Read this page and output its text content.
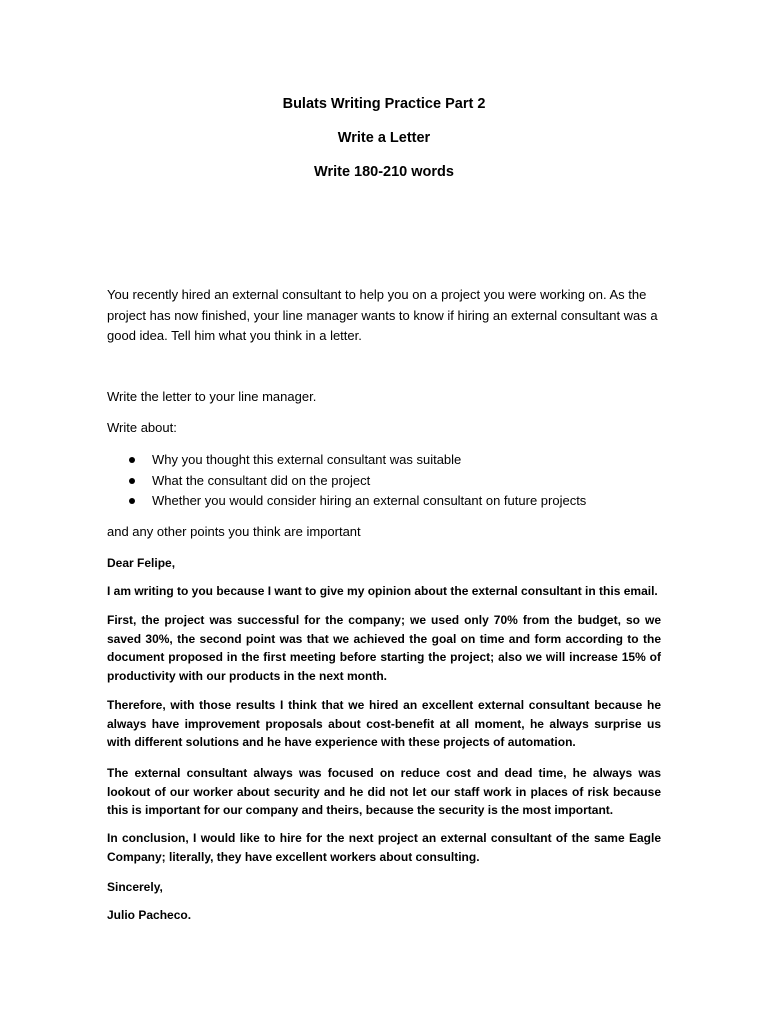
Bulats Writing Practice Part 2
Write a Letter
Write 180-210 words
You recently hired an external consultant to help you on a project you were working on. As the project has now finished, your line manager wants to know if hiring an external consultant was a good idea. Tell him what you think in a letter.
Write the letter to your line manager.
Write about:
Why you thought this external consultant was suitable
What the consultant did on the project
Whether you would consider hiring an external consultant on future projects
and any other points you think are important
Dear Felipe,
I am writing to you because I want to give my opinion about the external consultant in this email.
First, the project was successful for the company; we used only 70% from the budget, so we saved 30%, the second point was that we achieved the goal on time and form according to the document proposed in the first meeting before starting the project; also we will increase 15% of productivity with our products in the next month.
Therefore, with those results I think that we hired an excellent external consultant because he always have improvement proposals about cost-benefit at all moment, he always surprise us with different solutions and he have experience with these projects of automation.
The external consultant always was focused on reduce cost and dead time, he always was lookout of our worker about security and he did not let our staff work in places of risk because this is important for our company and theirs, because the security is the most important.
In conclusion, I would like to hire for the next project an external consultant of the same Eagle Company; literally, they have excellent workers about consulting.
Sincerely,
Julio Pacheco.
